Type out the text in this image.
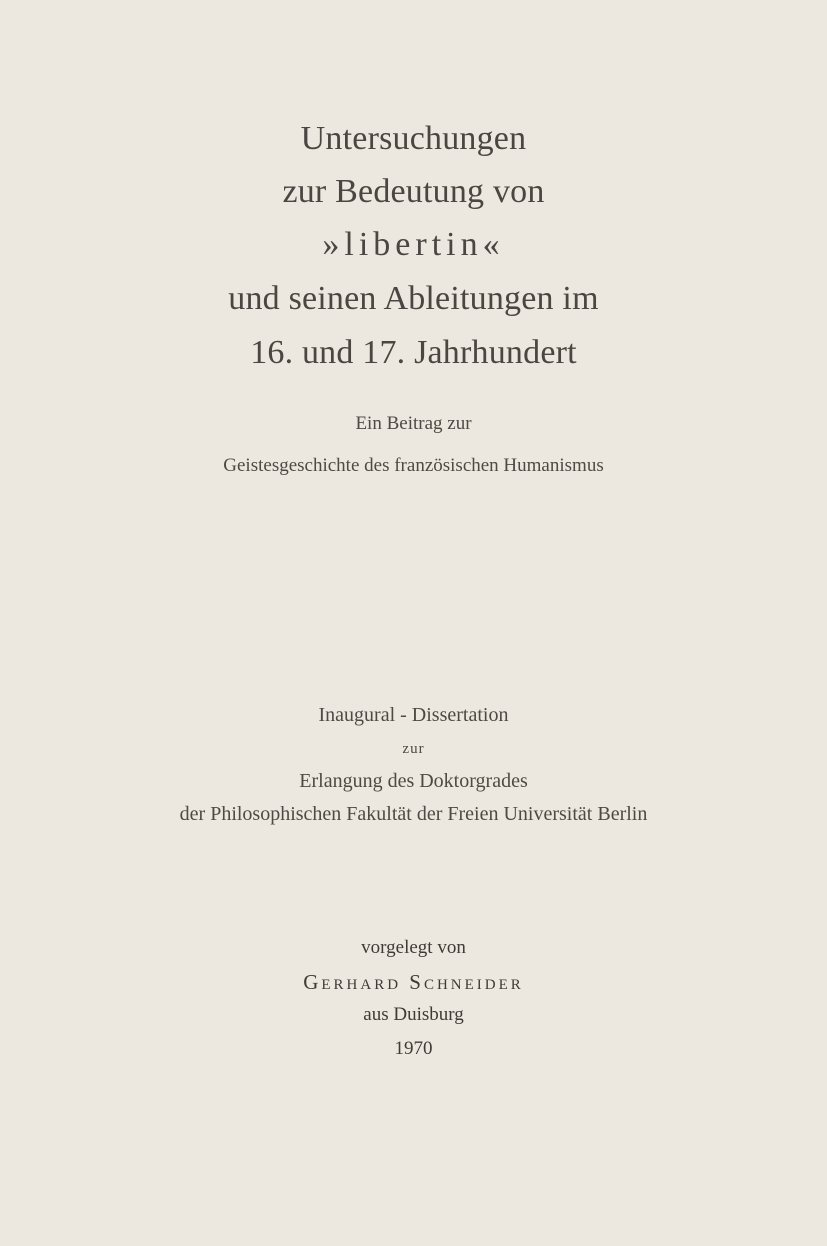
Untersuchungen
zur Bedeutung von
»libertin«
und seinen Ableitungen im
16. und 17. Jahrhundert
Ein Beitrag zur
Geistesgeschichte des französischen Humanismus
Inaugural - Dissertation
zur
Erlangung des Doktorgrades
der Philosophischen Fakultät der Freien Universität Berlin
vorgelegt von
Gerhard Schneider
aus Duisburg
1970
